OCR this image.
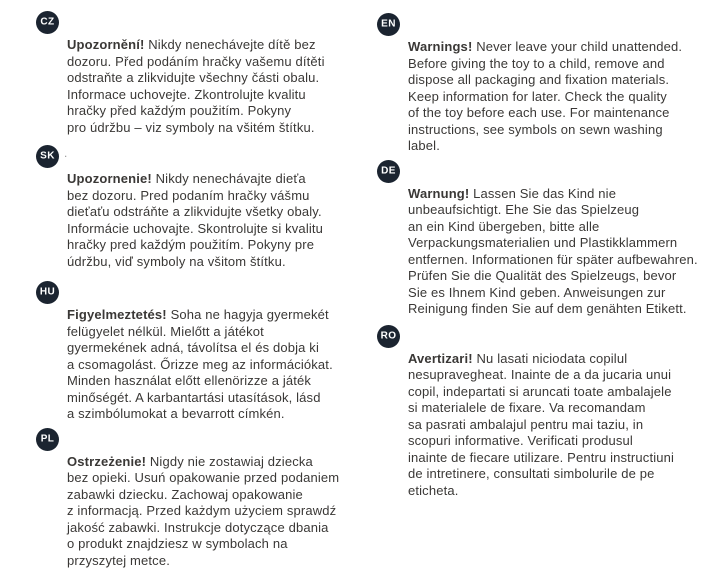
CZ
Upozornění! Nikdy nenechávejte dítě bez
dozoru. Před podáním hračky vašemu dítěti
odstraňte a zlikvidujte všechny části obalu.
Informace uchovejte. Zkontrolujte kvalitu
hračky před každým použitím. Pokyny
pro údržbu – viz symboly na všitém štítku.
SK
Upozornenie! Nikdy nenechávajte dieťa
bez dozoru. Pred podaním hračky vášmu
dieťaťu odstráňte a zlikvidujte všetky obaly.
Informácie uchovajte. Skontrolujte si kvalitu
hračky pred každým použitím. Pokyny pre
údržbu, viď symboly na všitom štítku.
HU
Figyelmeztetés! Soha ne hagyja gyermekét
felügyelet nélkül. Mielőtt a játékot
gyermekének adná, távolítsa el és dobja ki
a csomagolást. Őrizze meg az információkat.
Minden használat előtt ellenörizze a játék
minőségét. A karbantartási utasítások, lásd
a szimbólumokat a bevarrott címkén.
PL
Ostrzeżenie! Nigdy nie zostawiaj dziecka
bez opieki. Usuń opakowanie przed podaniem
zabawki dziecku. Zachowaj opakowanie
z informacją. Przed każdym użyciem sprawdź
jakość zabawki. Instrukcje dotyczące dbania
o produkt znajdziesz w symbolach na
przyszytej metce.
EN
Warnings! Never leave your child unattended.
Before giving the toy to a child, remove and
dispose all packaging and fixation materials.
Keep information for later. Check the quality
of the toy before each use. For maintenance
instructions, see symbols on sewn washing
label.
DE
Warnung! Lassen Sie das Kind nie
unbeaufsichtigt. Ehe Sie das Spielzeug
an ein Kind übergeben, bitte alle
Verpackungsmaterialien und Plastikklammern
entfernen. Informationen für später aufbewahren.
Prüfen Sie die Qualität des Spielzeugs, bevor
Sie es Ihnem Kind geben. Anweisungen zur
Reinigung finden Sie auf dem genähten Etikett.
RO
Avertizari! Nu lasati niciodata copilul
nesupravegheat. Inainte de a da jucaria unui
copil, indepartati si aruncati toate ambalajele
si materialele de fixare. Va recomandam
sa pasrati ambalajul pentru mai taziu, in
scopuri informative. Verificati produsul
inainte de fiecare utilizare. Pentru instructiuni
de intretinere, consultati simbolurile de pe
eticheta.
.
